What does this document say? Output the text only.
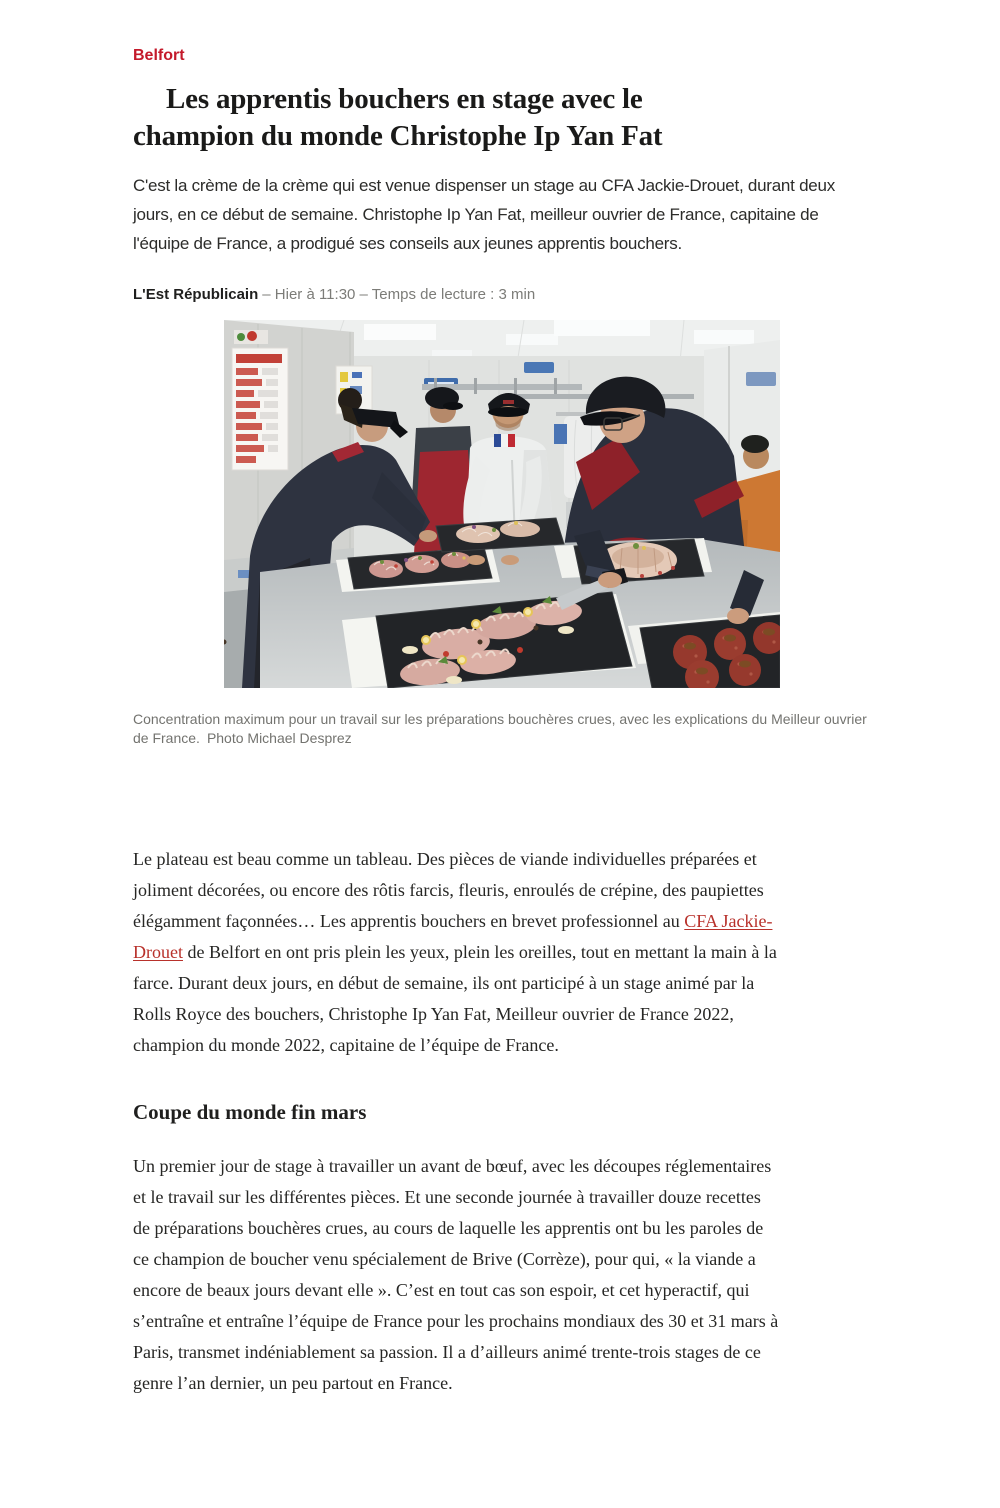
Belfort

Les apprentis bouchers en stage avec le
champion du monde Christophe Ip Yan Fat

C'est la crème de la crème qui est venue dispenser un stage au CFA Jackie-Drouet, durant deux jours, en ce début de semaine. Christophe Ip Yan Fat, meilleur ouvrier de France, capitaine de l'équipe de France, a prodigué ses conseils aux jeunes apprentis bouchers.

L'Est Républicain – Hier à 11:30 – Temps de lecture : 3 min
Concentration maximum pour un travail sur les préparations bouchères crues, avec les explications du Meilleur ouvrier de France. Photo Michael Desprez

Le plateau est beau comme un tableau. Des pièces de viande individuelles préparées et joliment décorées, ou encore des rôtis farcis, fleuris, enroulés de crépine, des paupiettes élégamment façonnées… Les apprentis bouchers en brevet professionnel au CFA Jackie-Drouet de Belfort en ont pris plein les yeux, plein les oreilles, tout en mettant la main à la farce. Durant deux jours, en début de semaine, ils ont participé à un stage animé par la Rolls Royce des bouchers, Christophe Ip Yan Fat, Meilleur ouvrier de France 2022, champion du monde 2022, capitaine de l’équipe de France.

Coupe du monde fin mars

Un premier jour de stage à travailler un avant de bœuf, avec les découpes réglementaires et le travail sur les différentes pièces. Et une seconde journée à travailler douze recettes de préparations bouchères crues, au cours de laquelle les apprentis ont bu les paroles de ce champion de boucher venu spécialement de Brive (Corrèze), pour qui, « la viande a encore de beaux jours devant elle ». C’est en tout cas son espoir, et cet hyperactif, qui s’entraîne et entraîne l’équipe de France pour les prochains mondiaux des 30 et 31 mars à Paris, transmet indéniablement sa passion. Il a d’ailleurs animé trente-trois stages de ce genre l’an dernier, un peu partout en France.
